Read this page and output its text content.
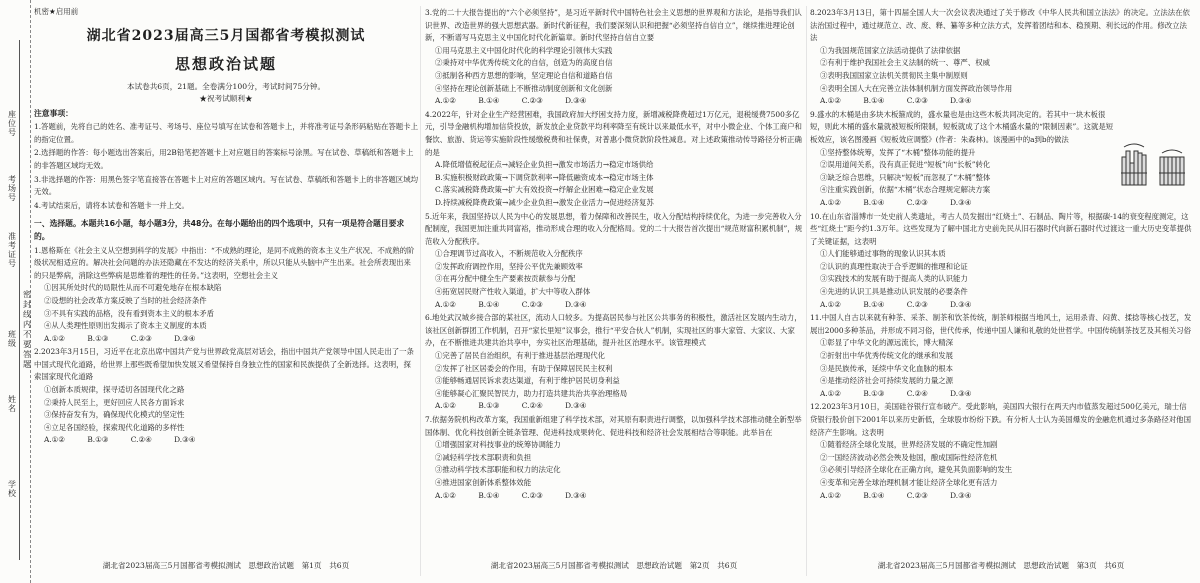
座位号
考场号
准考证号
班级
姓名
学校
密
封
线
内
不
要
答
题
机密★启用前
湖北省2023届高三5月国都省考模拟测试
思想政治试题
本试卷共6页，21题。全卷满分100分，考试时间75分钟。
★祝考试顺利★
注意事项：
1.答题前，先将自己的姓名、准考证号、考场号、座位号填写在试卷和答题卡上，并将准考证号条形码粘贴在答题卡上的指定位置。
2.选择题的作答：每小题选出答案后，用2B铅笔把答题卡上对应题目的答案标号涂黑。写在试卷、草稿纸和答题卡上的非答题区域均无效。
3.非选择题的作答：用黑色签字笔直接答在答题卡上对应的答题区域内。写在试卷、草稿纸和答题卡上的非答题区域均无效。
4.考试结束后，请将本试卷和答题卡一并上交。
一、选择题。本题共16小题，每小题3分，共48分。在每小题给出的四个选项中，只有一项是符合题目要求的。
1.恩格斯在《社会主义从空想到科学的发展》中指出：“不成熟的理论，是同不成熟的资本主义生产状况、不成熟的阶级状况相适应的。解决社会问题的办法还隐藏在不发达的经济关系中，所以只能从头脑中产生出来。社会所表现出来的只是弊病，消除这些弊病是思维着的理性的任务。”这表明，空想社会主义
①因其所处时代的局限性从而不可避免地存在根本缺陷
②设想的社会改革方案反映了当时的社会经济条件
③不具有实践的品格，没有看到资本主义的根本矛盾
④从人类理性原则出发揭示了资本主义制度的本质
A.①②	B.①③	C.②③	D.③④
2.2023年3月15日，习近平在北京出席中国共产党与世界政党高层对话会，指出中国共产党领导中国人民走出了一条中国式现代化道路，给世界上那些既希望加快发展又希望保持自身独立性的国家和民族提供了全新选择。这表明，探索国家现代化道路
①创新本质规律，探寻适切各国现代化之路
②秉持人民至上，更好回应人民各方面诉求
③保持奋发有为，确保现代化模式的坚定性
④立足各国经验，探索现代化道路的多样性
A.①②	B.①③	C.②④	D.③④
湖北省2023届高三5月国都省考模拟测试　思想政治试题　第1页　共6页
3.党的二十大报告提出的“六个必须坚持”，是习近平新时代中国特色社会主义思想的世界观和方法论，是指导我们认识世界、改造世界的强大思想武器。新时代新征程，我们要深刻认识和把握“必须坚持自信自立”，继续推进理论创新，不断谱写马克思主义中国化时代化新篇章。新时代坚持自信自立要
①用马克思主义中国化时代化的科学理论引领伟大实践
②秉持对中华优秀传统文化的自信，创造为的高度自信
③抵制各种西方思想的影响，坚定理论自信和道路自信
④坚持在理论创新基础上不断推动制度创新和文化创新
A.①②	B.①④	C.②③	D.③④
4.2022年，针对企业生产经营困难，我国政府加大纾困支持力度，新增减税降费超过1万亿元，退税缓费7500多亿元，引导金融机构增加信贷投放，新发放企业贷款平均利率降至有统计以来最低水平，对中小微企业、个体工商户和餐饮、旅游、货运等实施阶段性缓缴税费和社保费，对普惠小微贷款阶段性减息。对上述政策推动传导路径分析正确的是
A.降低增值税起征点→减轻企业负担→激发市场活力→稳定市场供给
B.实施积极财政政策→下调贷款利率→降低融资成本→稳定市场主体
C.落实减税降费政策→扩大有效投资→纾解企业困难→稳定企业发展
D.持续减税降费政策→减少企业负担→激发企业活力→促进经济复苏
5.近年来，我国坚持以人民为中心的发展思想，着力保障和改善民生，收入分配结构持续优化，为进一步完善收入分配制度，我国更加注重共同富裕，推动形成合理的收入分配格局。党的二十大报告首次提出“规范财富积累机制”，规范收入分配秩序。
①合理调节过高收入，不断规范收入分配秩序
②发挥政府调控作用，坚持公平优先兼顾效率
③在再分配中健全生产要素按贡献参与分配
④拓宽居民财产性收入渠道，扩大中等收入群体
A.①②	B.①④	C.②③	D.③④
6.地处武汉城乡接合部的某社区，流动人口较多。为提高居民参与社区公共事务的积极性，激活社区发展内生动力，该社区创新群团工作机制，召开“家长里短”议事会，推行“平安合伙人”机制，实现社区的事大家管、大家议、大家办，在不断推进共建共治共享中，夯实社区治理基础，提升社区治理水平。该管理模式
①完善了居民自治组织，有利于推进基层治理现代化
②发挥了社区居委会的作用，有助于保障居民民主权利
③能够畅通居民诉求表达渠道，有利于维护居民切身利益
④能够凝心汇聚民智民力，助力打造共建共治共享治理格局
A.①②	B.①③	C.②④	D.③④
7.依据务院机构改革方案，我国重新组建了科学技术部，对其原有职责进行调整，以加强科学技术部推动健全新型举国体制、优化科技创新全链条管理、促进科技成果转化、促进科技和经济社会发展相结合等职能。此举旨在
①增强国家对科技事业的统筹协调能力
②减轻科学技术部职责和负担
③推动科学技术部职能和权力的法定化
④推进国家创新体系整体效能
A.①②	B.①④	C.②③	D.③④
湖北省2023届高三5月国都省考模拟测试　思想政治试题　第2页　共6页
8.2023年3月13日，第十四届全国人大一次会议表决通过了关于修改《中华人民共和国立法法》的决定。立法法在依法治国过程中，通过规范立、改、废、释、纂等多种立法方式，发挥着团结和本、稳预期、利长远的作用。修改立法法
①为我国规范国家立法活动提供了法律依据
②有利于维护我国社会主义法制的统一、尊严、权威
③表明我国国家立法机关贯彻民主集中制原则
④表明全国人大在完善立法体制机制方面发挥政治领导作用
A.①②	B.①④	C.②③	D.③④
9.盛水的木桶是由多块木板箍成的，盛水量也是由这些木板共同决定的。若其中一块木板很短，则此木桶的盛水量就被短板所限制，短板就成了这个木桶盛水量的“限制因素”。这就是短板效应，该名图漫画《短板效应调整》(作者：朱森林)。该漫画中的a到b的做法
①坚持整体统筹，发挥了“木桶”整体功能的提升
②误用道间关系，没有真正促进“短板”向“长板”转化
③缺乏综合思维，只解决“短板”而忽视了“木桶”整体
④注重实践创新，依据“木桶”状态合理规定解决方案
A.①②	B.①④	C.②③	D.③④
10.在山东省淄博市一处史前人类遗址，考古人员发掘出“红烧土”、石制品、陶片等，根据碳-14的衰变程度测定，这些“红烧土”距今约1.3万年。这些发现为了解中国北方史前先民从旧石器时代向新石器时代过渡这一重大历史变革提供了关键证据，这表明
①人们能够通过事物的现象认识其本质
②认识的真理性取决于合乎逻辑的推理和论证
③实践技术的发展有助于提高人类的认识能力
④先进的认识工具是推动认识发展的必要条件
A.①②	B.①④	C.②③	D.③④
11.中国人自古以来就有种茶、采茶、制茶和饮茶传统，制茶师根据当地风土，运用杀青、闷黄、揉捻等核心技艺，发展出2000多种茶品，并形成不同习俗，世代传承，传递中国人谦和礼敬的处世哲学。中国传统制茶技艺及其相关习俗
①彰显了中华文化的源远流长，博大精深
②折射出中华优秀传统文化的继承和发展
③是民族传承，延续中华文化血脉的根本
④是推动经济社会可持续发展的力量之源
A.①②	B.①③	C.②④	D.③④
12.2023年3月10日，美国硅谷银行宣布破产。受此影响，美国四大银行在两天内市值蒸发超过500亿美元，瑞士信贷银行股价创下2001年以来历史新低，全球股市纷纷下跌。有分析人士认为美国爆发的金融危机通过多条路径对他国经济产生影响。这表明
①随着经济全球化发展，世界经济发展的不确定性加剧
②一国经济波动必然会殃及他国，酿成国际性经济危机
③必须引导经济全球化在正确方向，避免其负面影响的发生
④变革和完善全球治理机制才能让经济全球化更有活力
A.①②	B.①④	C.②③	D.③④
湖北省2023届高三5月国都省考模拟测试　思想政治试题　第3页　共6页
